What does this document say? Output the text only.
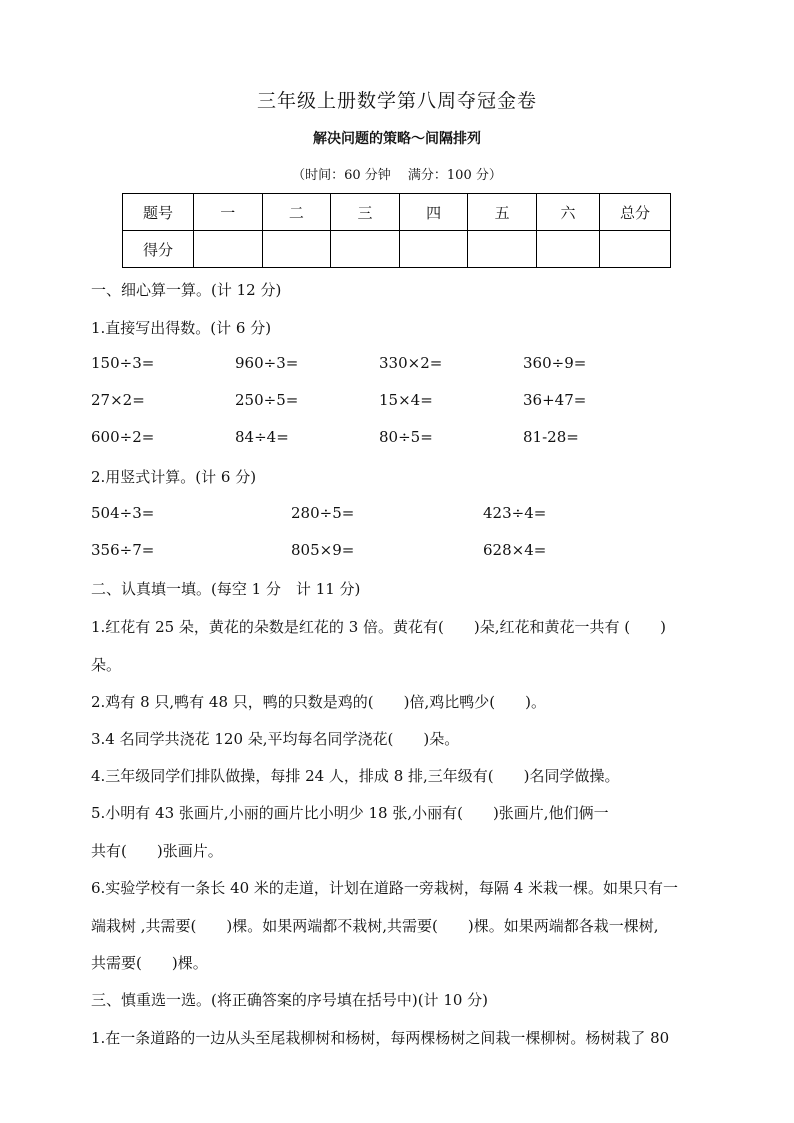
三年级上册数学第八周夺冠金卷
解决问题的策略～间隔排列
（时间：60 分钟　 满分：100 分）
题号	一	二	三	四	五	六	总分
得分							
一、细心算一算。(计 12 分)
1.直接写出得数。(计 6 分)
150÷3=	960÷3=	330×2=	360÷9=
27×2=	250÷5=	15×4=	36+47=
600÷2=	84÷4=	80÷5=	81-28=
2.用竖式计算。(计 6 分)
504÷3=	280÷5=	423÷4=
356÷7=	805×9=	628×4=
二、认真填一填。(每空 1 分　计 11 分)
1.红花有 25 朵，黄花的朵数是红花的 3 倍。黄花有(　　)朵,红花和黄花一共有 (　　)
朵。
2.鸡有 8 只,鸭有 48 只，鸭的只数是鸡的(　　)倍,鸡比鸭少(　　)。
3.4 名同学共浇花 120 朵,平均每名同学浇花(　　)朵。
4.三年级同学们排队做操，每排 24 人，排成 8 排,三年级有(　　)名同学做操。
5.小明有 43 张画片,小丽的画片比小明少 18 张,小丽有(　　)张画片,他们俩一
共有(　　)张画片。
6.实验学校有一条长 40 米的走道，计划在道路一旁栽树，每隔 4 米栽一棵。如果只有一
端栽树 ,共需要(　　)棵。如果两端都不栽树,共需要(　　)棵。如果两端都各栽一棵树,
共需要(　　)棵。
三、慎重选一选。(将正确答案的序号填在括号中)(计 10 分)
1.在一条道路的一边从头至尾栽柳树和杨树，每两棵杨树之间栽一棵柳树。杨树栽了 80
